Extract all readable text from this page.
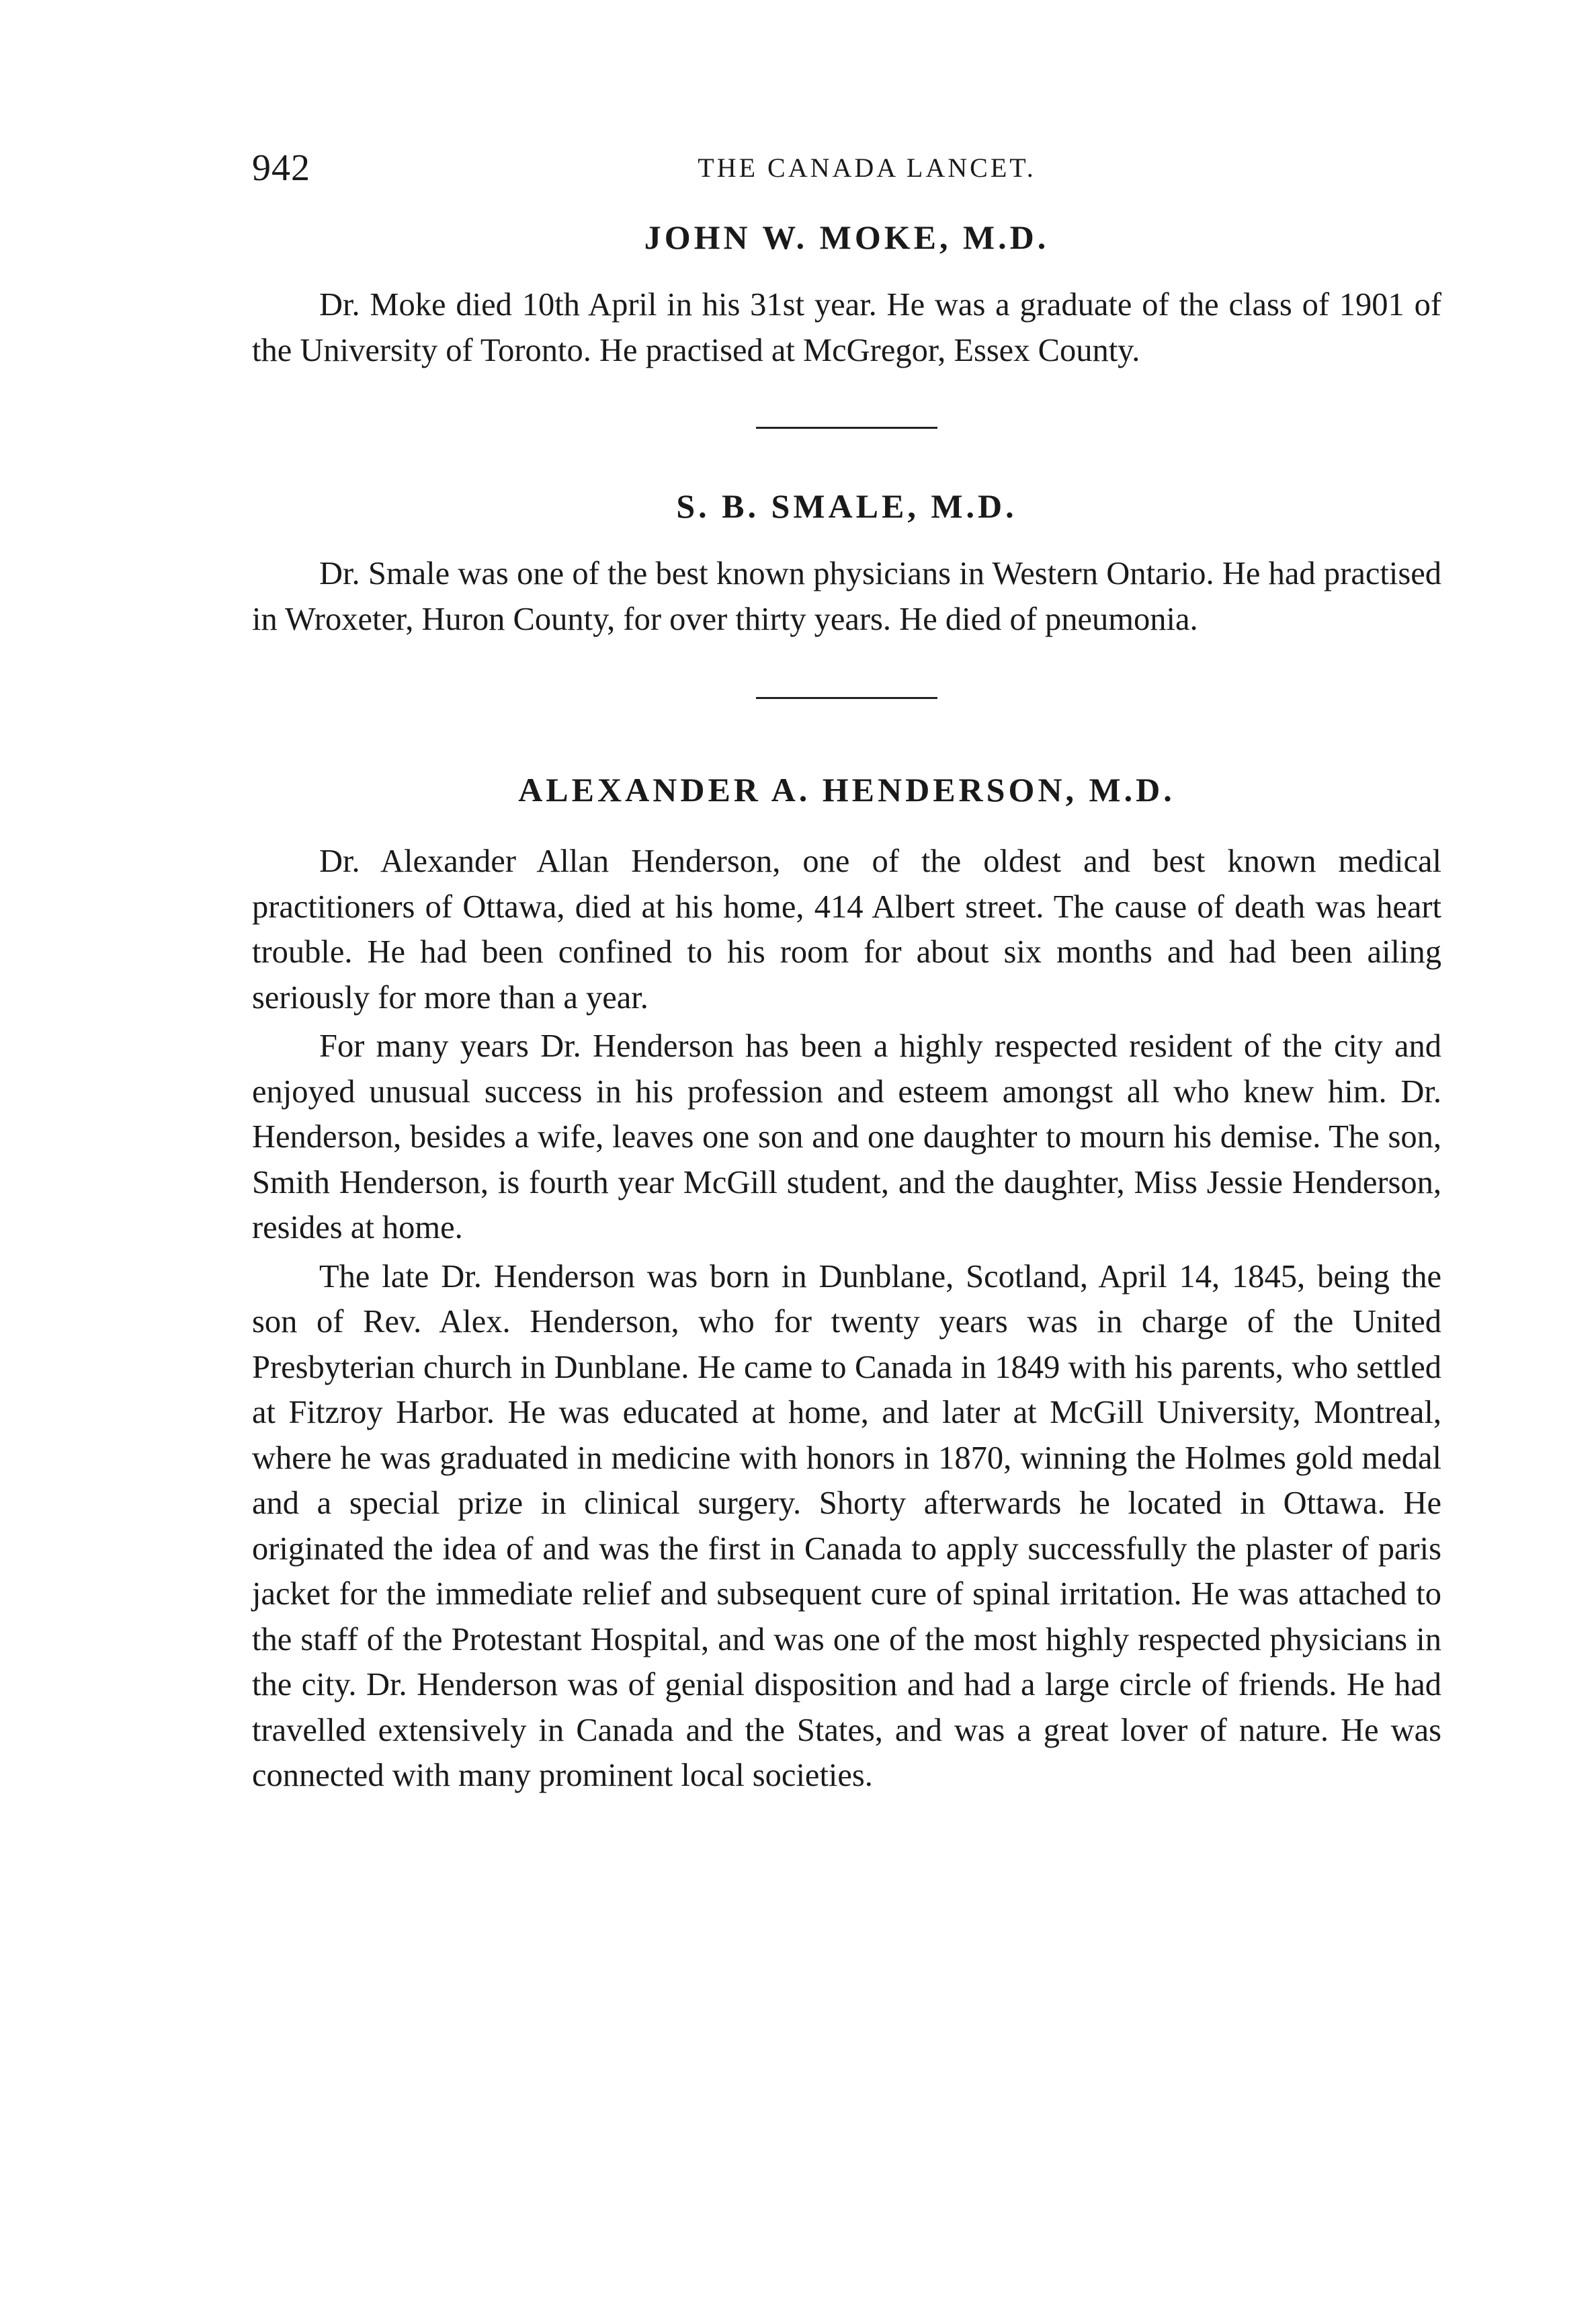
942	THE CANADA LANCET.
JOHN W. MOKE, M.D.

Dr. Moke died 10th April in his 31st year. He was a graduate of the class of 1901 of the University of Toronto. He practised at McGregor, Essex County.

S. B. SMALE, M.D.

Dr. Smale was one of the best known physicians in Western Ontario. He had practised in Wroxeter, Huron County, for over thirty years. He died of pneumonia.

ALEXANDER A. HENDERSON, M.D.

Dr. Alexander Allan Henderson, one of the oldest and best known medical practitioners of Ottawa, died at his home, 414 Albert street. The cause of death was heart trouble. He had been confined to his room for about six months and had been ailing seriously for more than a year.

For many years Dr. Henderson has been a highly respected resident of the city and enjoyed unusual success in his profession and esteem amongst all who knew him. Dr. Henderson, besides a wife, leaves one son and one daughter to mourn his demise. The son, Smith Henderson, is fourth year McGill student, and the daughter, Miss Jessie Henderson, resides at home.

The late Dr. Henderson was born in Dunblane, Scotland, April 14, 1845, being the son of Rev. Alex. Henderson, who for twenty years was in charge of the United Presbyterian church in Dunblane. He came to Canada in 1849 with his parents, who settled at Fitzroy Harbor. He was educated at home, and later at McGill University, Montreal, where he was graduated in medicine with honors in 1870, winning the Holmes gold medal and a special prize in clinical surgery. Shorty afterwards he located in Ottawa. He originated the idea of and was the first in Canada to apply successfully the plaster of paris jacket for the immediate relief and subsequent cure of spinal irritation. He was attached to the staff of the Protestant Hospital, and was one of the most highly respected physicians in the city. Dr. Henderson was of genial disposition and had a large circle of friends. He had travelled extensively in Canada and the States, and was a great lover of nature. He was connected with many prominent local societies.
